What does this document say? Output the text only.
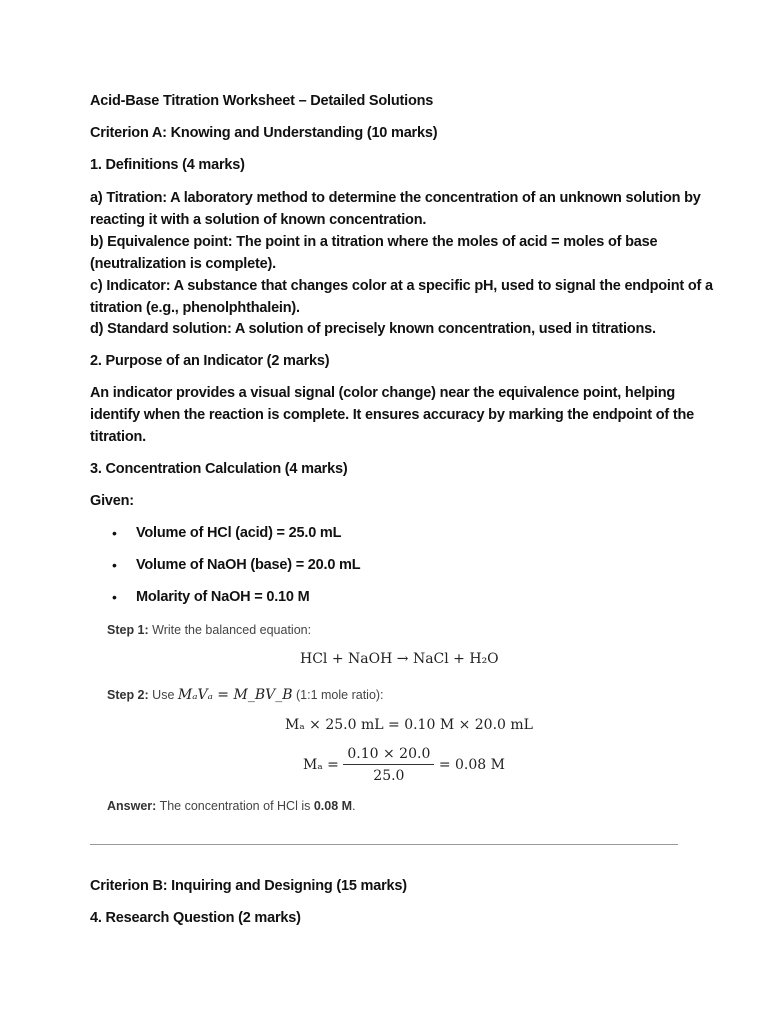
Acid-Base Titration Worksheet – Detailed Solutions

Criterion A: Knowing and Understanding (10 marks)

1. Definitions (4 marks)

a) Titration: A laboratory method to determine the concentration of an unknown solution by

reacting it with a solution of known concentration.

b) Equivalence point: The point in a titration where the moles of acid = moles of base

(neutralization is complete).

c) Indicator: A substance that changes color at a specific pH, used to signal the endpoint of a

titration (e.g., phenolphthalein).

d) Standard solution: A solution of precisely known concentration, used in titrations.

2. Purpose of an Indicator (2 marks)

An indicator provides a visual signal (color change) near the equivalence point, helping

identify when the reaction is complete. It ensures accuracy by marking the endpoint of the

titration.

3. Concentration Calculation (4 marks)

Given:

• Volume of HCl (acid) = 25.0 mL

• Volume of NaOH (base) = 20.0 mL

• Molarity of NaOH = 0.10 M

Step 1: Write the balanced equation:
HCl + NaOH → NaCl + H₂O
Step 2: Use MₐVₐ = M_BV_B (1:1 mole ratio):
Mₐ × 25.0 mL = 0.10 M × 20.0 mL
$M_a = \frac{0.10 \times 20.0}{25.0} = 0.08$ M
Answer: The concentration of HCl is 0.08 M.

Criterion B: Inquiring and Designing (15 marks)

4. Research Question (2 marks)
